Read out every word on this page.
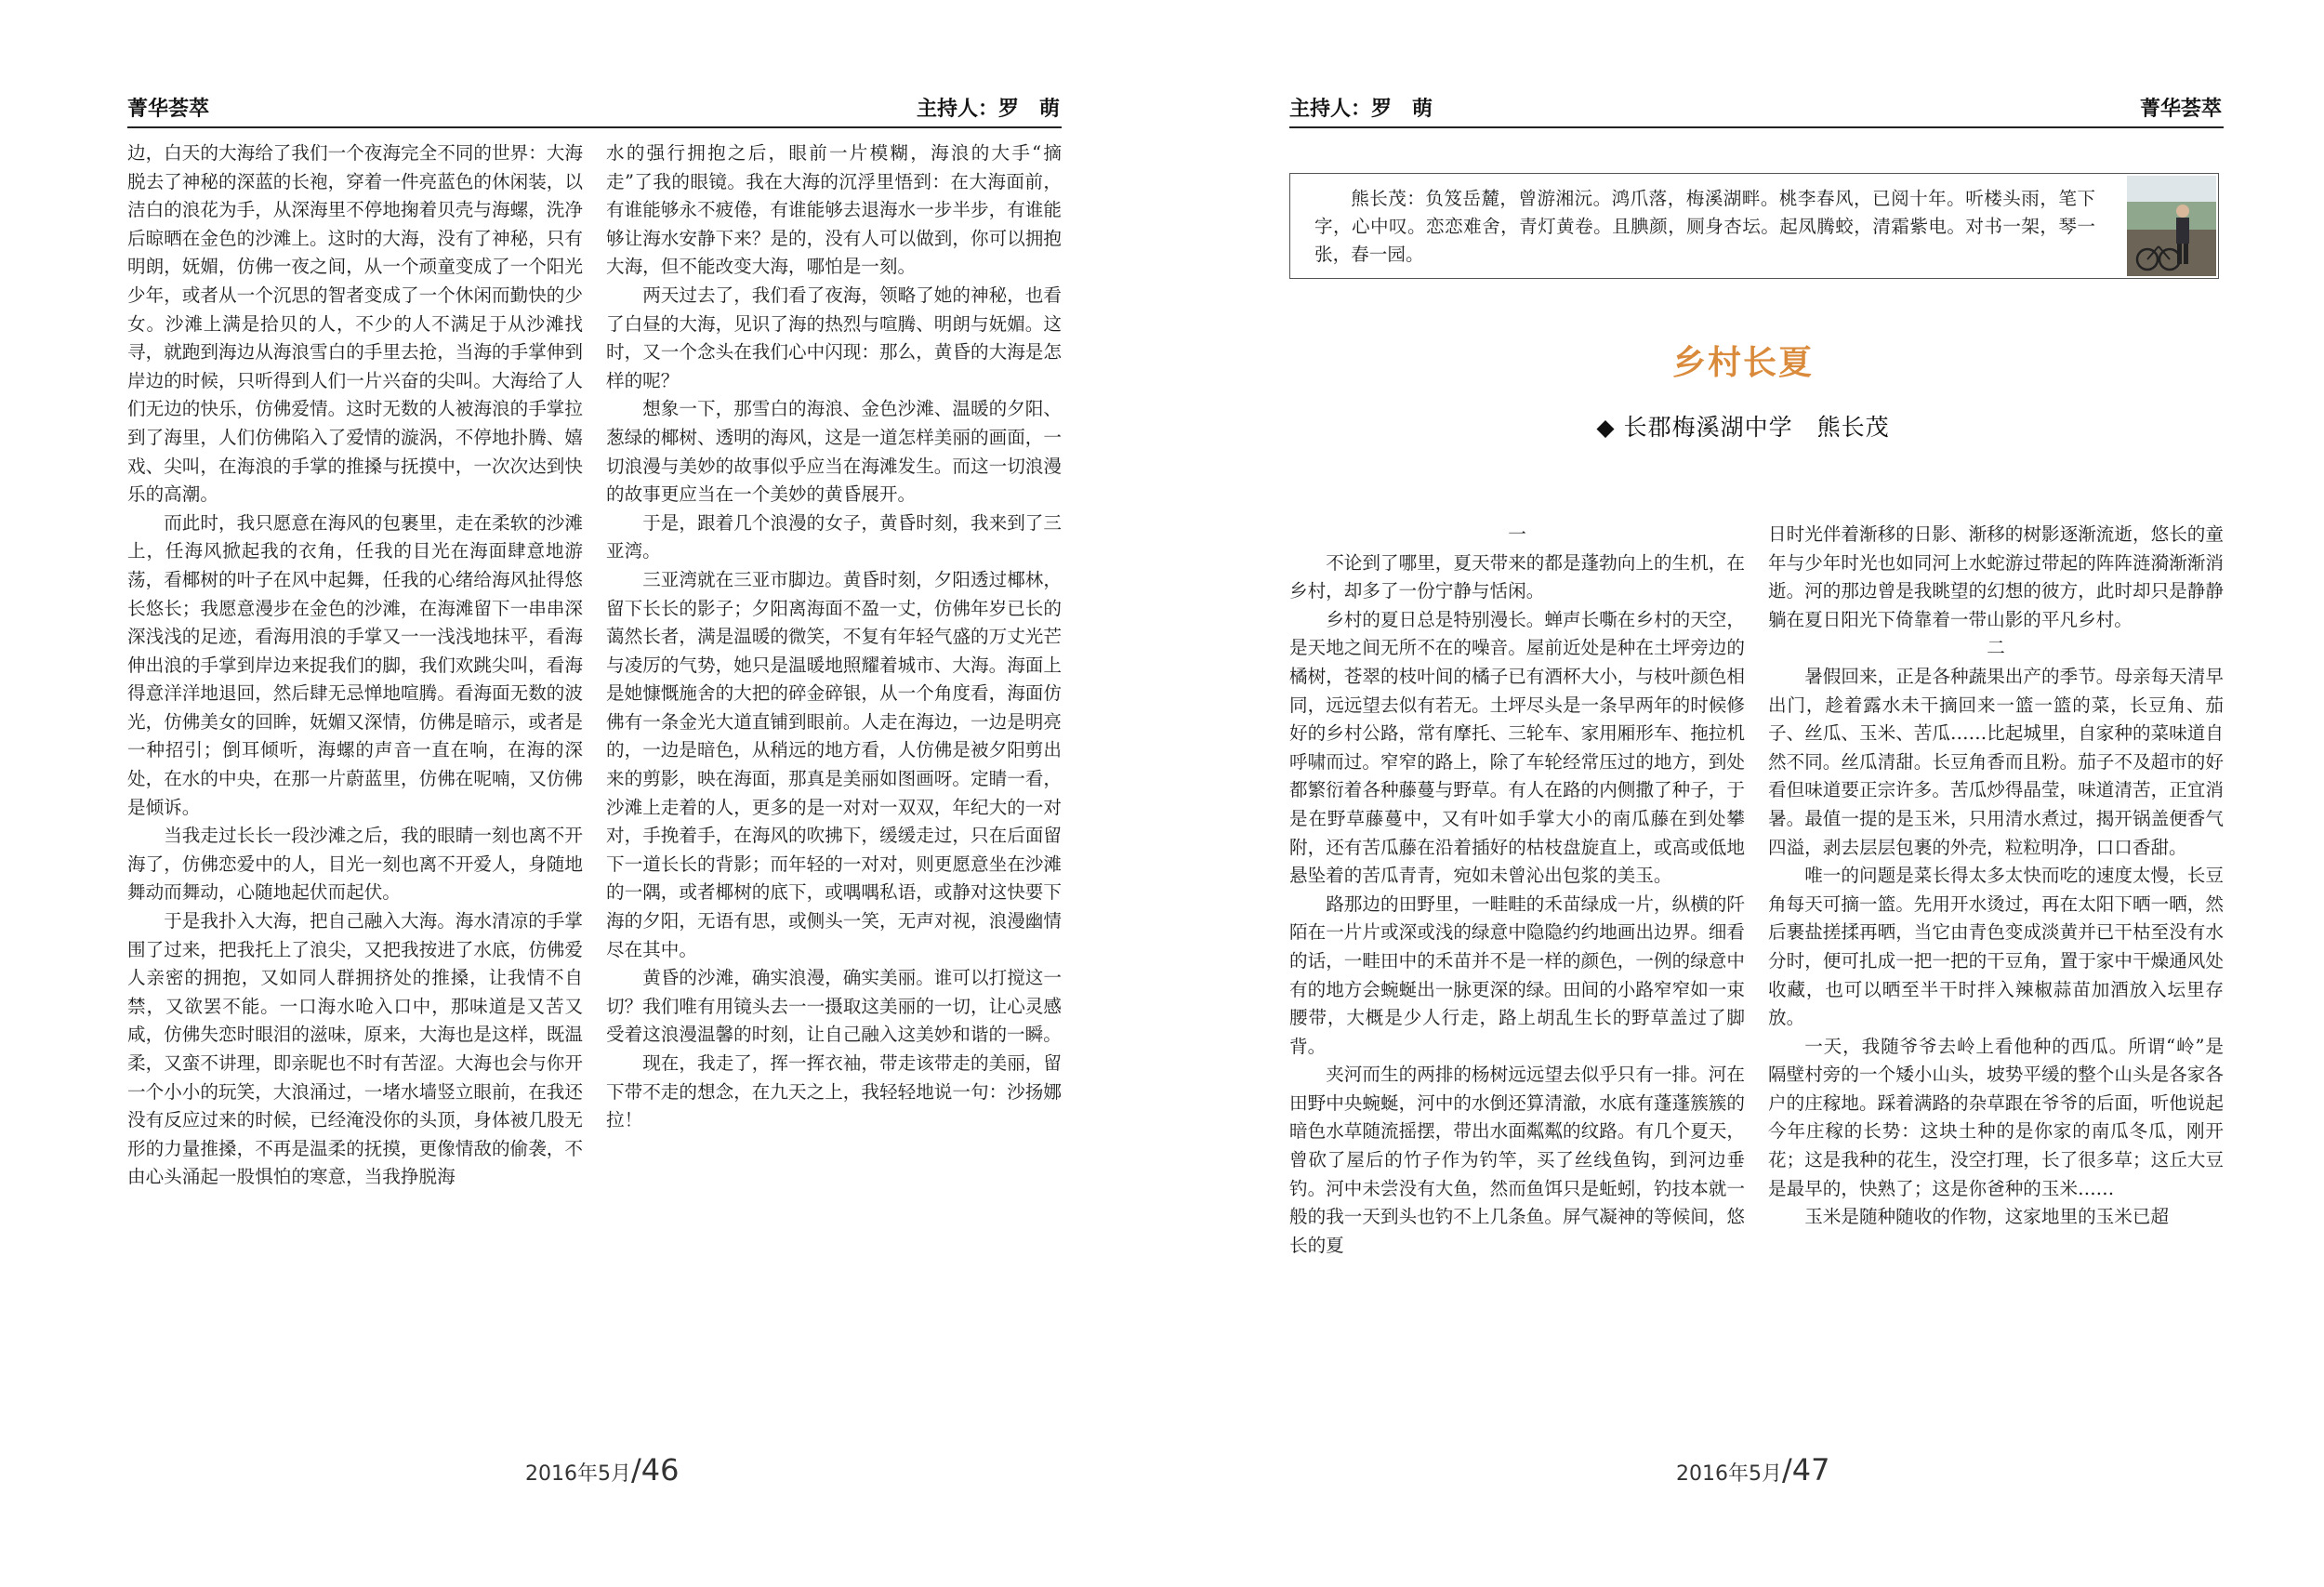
菁华荟萃	主持人：罗　萌

边，白天的大海给了我们一个夜海完全不同的世界：大海脱去了神秘的深蓝的长袍，穿着一件亮蓝色的休闲装，以洁白的浪花为手，从深海里不停地掬着贝壳与海螺，洗净后晾晒在金色的沙滩上。这时的大海，没有了神秘，只有明朗，妩媚，仿佛一夜之间，从一个顽童变成了一个阳光少年，或者从一个沉思的智者变成了一个休闲而勤快的少女。沙滩上满是拾贝的人，不少的人不满足于从沙滩找寻，就跑到海边从海浪雪白的手里去抢，当海的手掌伸到岸边的时候，只听得到人们一片兴奋的尖叫。大海给了人们无边的快乐，仿佛爱情。这时无数的人被海浪的手掌拉到了海里，人们仿佛陷入了爱情的漩涡，不停地扑腾、嬉戏、尖叫，在海浪的手掌的推搡与抚摸中，一次次达到快乐的高潮。

而此时，我只愿意在海风的包裹里，走在柔软的沙滩上，任海风掀起我的衣角，任我的目光在海面肆意地游荡，看椰树的叶子在风中起舞，任我的心绪给海风扯得悠长悠长；我愿意漫步在金色的沙滩，在海滩留下一串串深深浅浅的足迹，看海用浪的手掌又一一浅浅地抹平，看海伸出浪的手掌到岸边来捉我们的脚，我们欢跳尖叫，看海得意洋洋地退回，然后肆无忌惮地喧腾。看海面无数的波光，仿佛美女的回眸，妩媚又深情，仿佛是暗示，或者是一种招引；倒耳倾听，海螺的声音一直在响，在海的深处，在水的中央，在那一片蔚蓝里，仿佛在呢喃，又仿佛是倾诉。

当我走过长长一段沙滩之后，我的眼睛一刻也离不开海了，仿佛恋爱中的人，目光一刻也离不开爱人，身随地舞动而舞动，心随地起伏而起伏。

于是我扑入大海，把自己融入大海。海水清凉的手掌围了过来，把我托上了浪尖，又把我按进了水底，仿佛爱人亲密的拥抱，又如同人群拥挤处的推搡，让我情不自禁，又欲罢不能。一口海水呛入口中，那味道是又苦又咸，仿佛失恋时眼泪的滋味，原来，大海也是这样，既温柔，又蛮不讲理，即亲昵也不时有苦涩。大海也会与你开一个小小的玩笑，大浪涌过，一堵水墙竖立眼前，在我还没有反应过来的时候，已经淹没你的头顶，身体被几股无形的力量推搡，不再是温柔的抚摸，更像情敌的偷袭，不由心头涌起一股惧怕的寒意，当我挣脱海

水的强行拥抱之后，眼前一片模糊，海浪的大手“摘走”了我的眼镜。我在大海的沉浮里悟到：在大海面前，有谁能够永不疲倦，有谁能够去退海水一步半步，有谁能够让海水安静下来？是的，没有人可以做到，你可以拥抱大海，但不能改变大海，哪怕是一刻。

两天过去了，我们看了夜海，领略了她的神秘，也看了白昼的大海，见识了海的热烈与喧腾、明朗与妩媚。这时，又一个念头在我们心中闪现：那么，黄昏的大海是怎样的呢？

想象一下，那雪白的海浪、金色沙滩、温暖的夕阳、葱绿的椰树、透明的海风，这是一道怎样美丽的画面，一切浪漫与美妙的故事似乎应当在海滩发生。而这一切浪漫的故事更应当在一个美妙的黄昏展开。

于是，跟着几个浪漫的女子，黄昏时刻，我来到了三亚湾。

三亚湾就在三亚市脚边。黄昏时刻，夕阳透过椰林，留下长长的影子；夕阳离海面不盈一丈，仿佛年岁已长的蔼然长者，满是温暖的微笑，不复有年轻气盛的万丈光芒与凌厉的气势，她只是温暖地照耀着城市、大海。海面上是她慷慨施舍的大把的碎金碎银，从一个角度看，海面仿佛有一条金光大道直铺到眼前。人走在海边，一边是明亮的，一边是暗色，从稍远的地方看，人仿佛是被夕阳剪出来的剪影，映在海面，那真是美丽如图画呀。定睛一看，沙滩上走着的人，更多的是一对对一双双，年纪大的一对对，手挽着手，在海风的吹拂下，缓缓走过，只在后面留下一道长长的背影；而年轻的一对对，则更愿意坐在沙滩的一隅，或者椰树的底下，或喁喁私语，或静对这快要下海的夕阳，无语有思，或侧头一笑，无声对视，浪漫幽情尽在其中。

黄昏的沙滩，确实浪漫，确实美丽。谁可以打搅这一切？我们唯有用镜头去一一摄取这美丽的一切，让心灵感受着这浪漫温馨的时刻，让自己融入这美妙和谐的一瞬。

现在，我走了，挥一挥衣袖，带走该带走的美丽，留下带不走的想念，在九天之上，我轻轻地说一句：沙扬娜拉！

2016年5月/46
主持人：罗　萌	菁华荟萃
熊长茂：负笈岳麓，曾游湘沅。鸿爪落，梅溪湖畔。桃李春风，已阅十年。听楼头雨，笔下字，心中叹。恋恋难舍，青灯黄卷。且腆颜，厕身杏坛。起凤腾蛟，清霜紫电。对书一架，琴一张，春一园。
乡村长夏
◆ 长郡梅溪湖中学　熊长茂

一

不论到了哪里，夏天带来的都是蓬勃向上的生机，在乡村，却多了一份宁静与恬闲。

乡村的夏日总是特别漫长。蝉声长嘶在乡村的天空，是天地之间无所不在的噪音。屋前近处是种在土坪旁边的橘树，苍翠的枝叶间的橘子已有酒杯大小，与枝叶颜色相同，远远望去似有若无。土坪尽头是一条早两年的时候修好的乡村公路，常有摩托、三轮车、家用厢形车、拖拉机呼啸而过。窄窄的路上，除了车轮经常压过的地方，到处都繁衍着各种藤蔓与野草。有人在路的内侧撒了种子，于是在野草藤蔓中，又有叶如手掌大小的南瓜藤在到处攀附，还有苦瓜藤在沿着插好的枯枝盘旋直上，或高或低地悬坠着的苦瓜青青，宛如未曾沁出包浆的美玉。

路那边的田野里，一畦畦的禾苗绿成一片，纵横的阡陌在一片片或深或浅的绿意中隐隐约约地画出边界。细看的话，一畦田中的禾苗并不是一样的颜色，一例的绿意中有的地方会蜿蜒出一脉更深的绿。田间的小路窄窄如一束腰带，大概是少人行走，路上胡乱生长的野草盖过了脚背。

夹河而生的两排的杨树远远望去似乎只有一排。河在田野中央蜿蜒，河中的水倒还算清澈，水底有蓬蓬簇簇的暗色水草随流摇摆，带出水面粼粼的纹路。有几个夏天，曾砍了屋后的竹子作为钓竿，买了丝线鱼钩，到河边垂钓。河中未尝没有大鱼，然而鱼饵只是蚯蚓，钓技本就一般的我一天到头也钓不上几条鱼。屏气凝神的等候间，悠长的夏

日时光伴着渐移的日影、渐移的树影逐渐流逝，悠长的童年与少年时光也如同河上水蛇游过带起的阵阵涟漪渐渐消逝。河的那边曾是我眺望的幻想的彼方，此时却只是静静躺在夏日阳光下倚靠着一带山影的平凡乡村。

二

暑假回来，正是各种蔬果出产的季节。母亲每天清早出门，趁着露水未干摘回来一篮一篮的菜，长豆角、茄子、丝瓜、玉米、苦瓜……比起城里，自家种的菜味道自然不同。丝瓜清甜。长豆角香而且粉。茄子不及超市的好看但味道要正宗许多。苦瓜炒得晶莹，味道清苦，正宜消暑。最值一提的是玉米，只用清水煮过，揭开锅盖便香气四溢，剥去层层包裹的外壳，粒粒明净，口口香甜。

唯一的问题是菜长得太多太快而吃的速度太慢，长豆角每天可摘一篮。先用开水烫过，再在太阳下晒一晒，然后裹盐搓揉再晒，当它由青色变成淡黄并已干枯至没有水分时，便可扎成一把一把的干豆角，置于家中干燥通风处收藏，也可以晒至半干时拌入辣椒蒜苗加酒放入坛里存放。

一天，我随爷爷去岭上看他种的西瓜。所谓“岭”是隔壁村旁的一个矮小山头，坡势平缓的整个山头是各家各户的庄稼地。踩着满路的杂草跟在爷爷的后面，听他说起今年庄稼的长势：这块土种的是你家的南瓜冬瓜，刚开花；这是我种的花生，没空打理，长了很多草；这丘大豆是最早的，快熟了；这是你爸种的玉米……

玉米是随种随收的作物，这家地里的玉米已超

2016年5月/47
